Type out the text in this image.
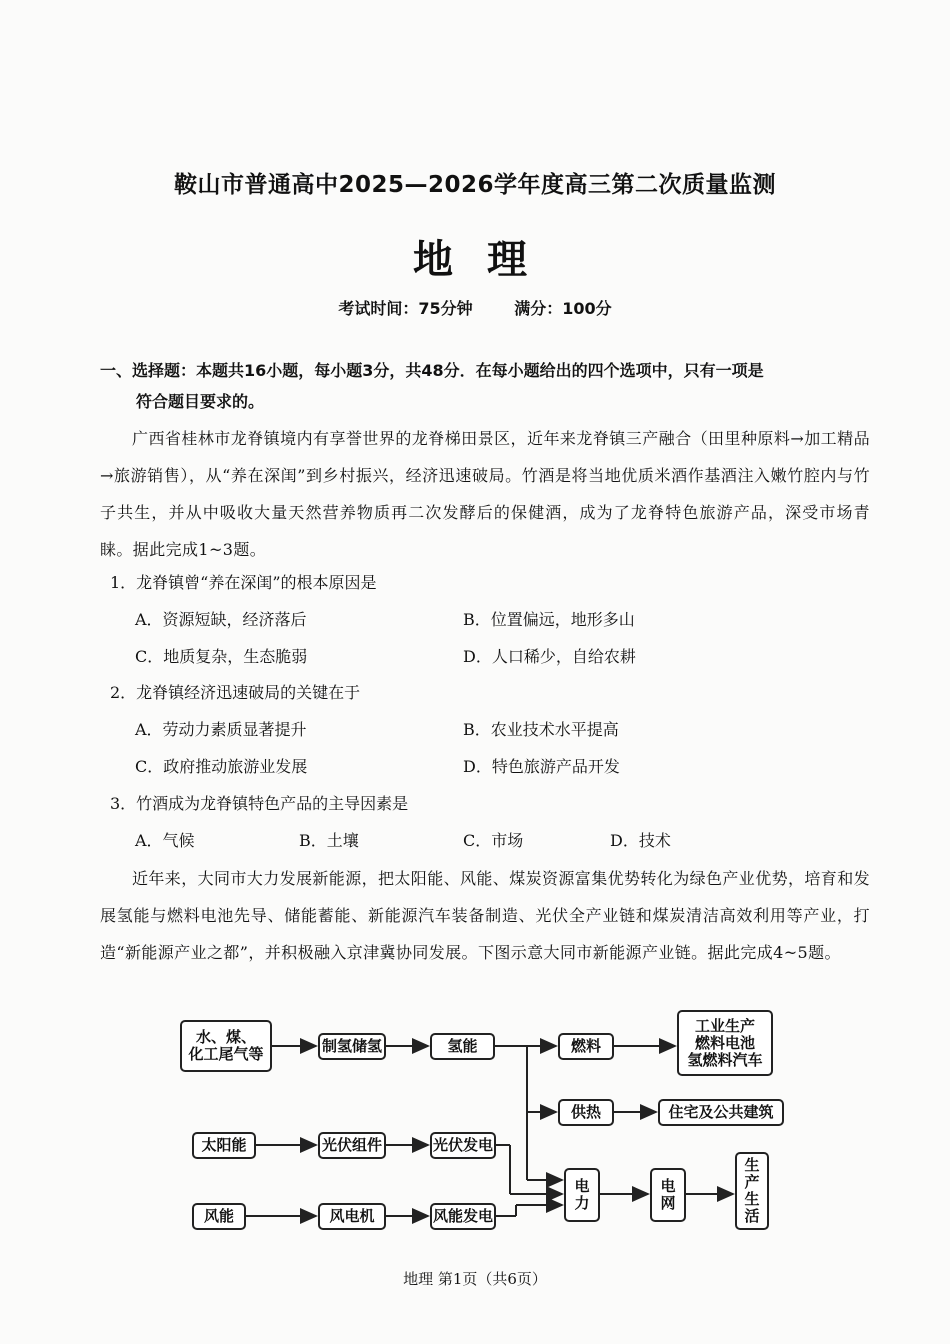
鞍山市普通高中2025—2026学年度高三第二次质量监测
地 理
考试时间：75分钟	满分：100分
一、选择题：本题共16小题，每小题3分，共48分．在每小题给出的四个选项中，只有一项是
符合题目要求的。

广西省桂林市龙脊镇境内有享誉世界的龙脊梯田景区，近年来龙脊镇三产融合（田里种原料→加工精品→旅游销售），从“养在深闺”到乡村振兴，经济迅速破局。竹酒是将当地优质米酒作基酒注入嫩竹腔内与竹子共生，并从中吸收大量天然营养物质再二次发酵后的保健酒，成为了龙脊特色旅游产品，深受市场青睐。据此完成1~3题。

1．龙脊镇曾“养在深闺”的根本原因是
A．资源短缺，经济落后	B．位置偏远，地形多山
C．地质复杂，生态脆弱	D．人口稀少，自给农耕
2．龙脊镇经济迅速破局的关键在于
A．劳动力素质显著提升	B．农业技术水平提高
C．政府推动旅游业发展	D．特色旅游产品开发
3．竹酒成为龙脊镇特色产品的主导因素是
A．气候	B．土壤	C．市场	D．技术

近年来，大同市大力发展新能源，把太阳能、风能、煤炭资源富集优势转化为绿色产业优势，培育和发展氢能与燃料电池先导、储能蓄能、新能源汽车装备制造、光伏全产业链和煤炭清洁高效利用等产业，打造“新能源产业之都”，并积极融入京津冀协同发展。下图示意大同市新能源产业链。据此完成4~5题。

水、煤、
化工尾气等	制氢储氢	氢能	燃料
工业生产
燃料电池
氢燃料汽车
供热	住宅及公共建筑
太阳能	光伏组件	光伏发电
风能	风电机	风能发电
电
力
电
网
生
产
生
活
地理 第1页（共6页）
